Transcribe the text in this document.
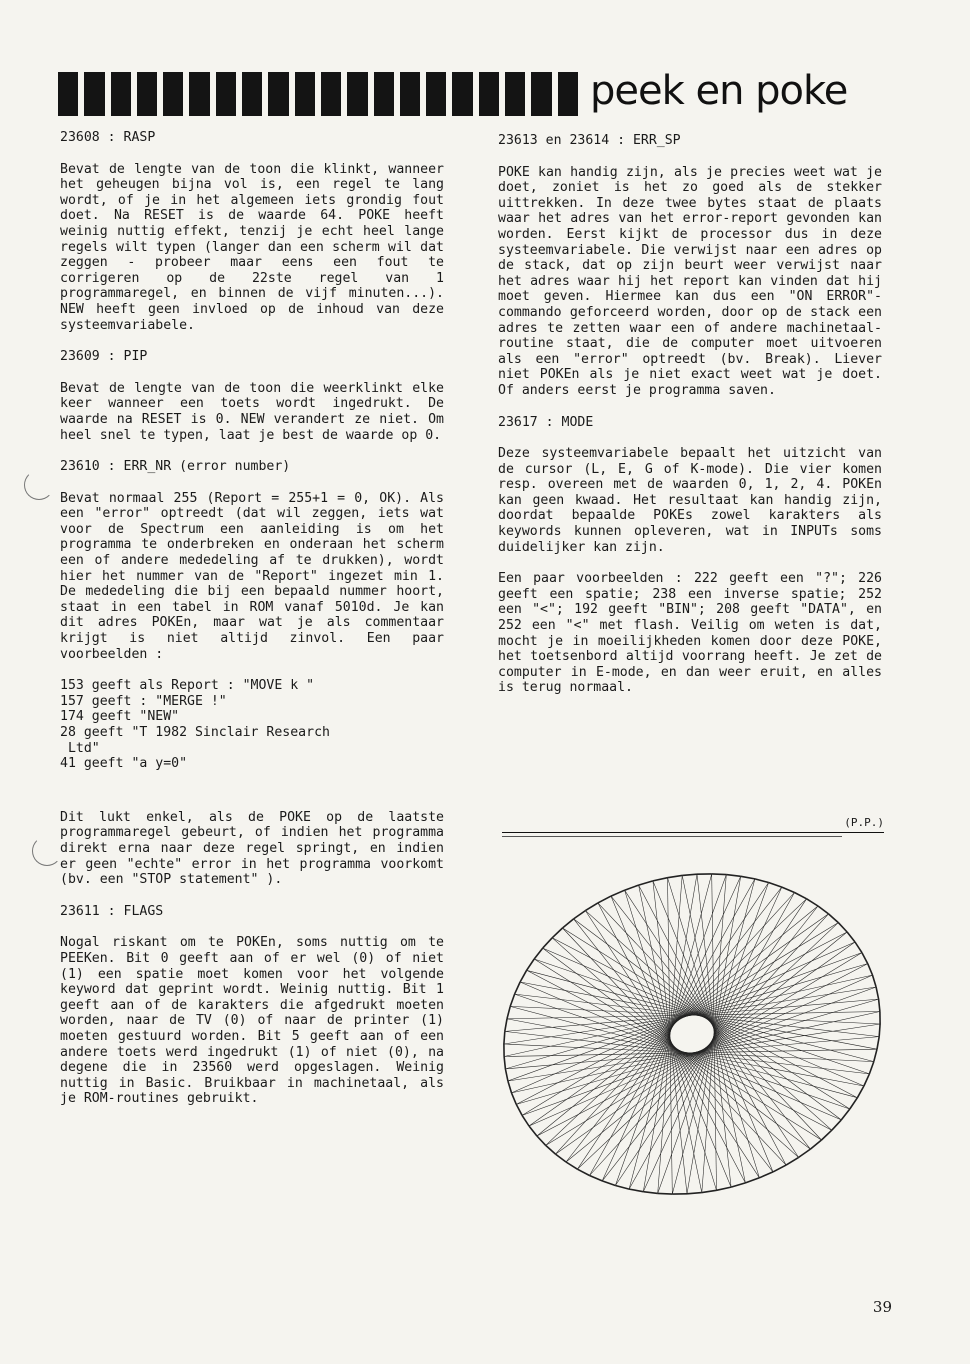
peek en poke
23608 : RASP
Bevat de lengte van de toon die klinkt, wanneer het geheugen bijna vol is, een regel te lang wordt, of je in het algemeen iets grondig fout doet. Na RESET is de waarde 64. POKE heeft weinig nuttig effekt, tenzij je echt heel lange regels wilt typen (langer dan een scherm wil dat zeggen - probeer maar eens een fout te corrigeren op de 22ste regel van 1 programmaregel, en binnen de vijf minuten...). NEW heeft geen invloed op de inhoud van deze systeemvariabele.
23609 : PIP
Bevat de lengte van de toon die weerklinkt elke keer wanneer een toets wordt ingedrukt. De waarde na RESET is 0. NEW verandert ze niet. Om heel snel te typen, laat je best de waarde op 0.
23610 : ERR_NR (error number)
Bevat normaal 255 (Report = 255+1 = 0, OK). Als een "error" optreedt (dat wil zeggen, iets wat voor de Spectrum een aanleiding is om het programma te onderbreken en onderaan het scherm een of andere mededeling af te drukken), wordt hier het nummer van de "Report" ingezet min 1. De mededeling die bij een bepaald nummer hoort, staat in een tabel in ROM vanaf 5010d. Je kan dit adres POKEn, maar wat je als commentaar krijgt is niet altijd zinvol. Een paar voorbeelden :
153 geeft als Report : "MOVE k "
157 geeft : "MERGE !"
174 geeft "NEW"
28 geeft "T 1982 Sinclair Research
Ltd"
41 geeft "a y=0"
Dit lukt enkel, als de POKE op de laatste programmaregel gebeurt, of indien het programma direkt erna naar deze regel springt, en indien er geen "echte" error in het programma voorkomt (bv. een "STOP statement" ).
23611 : FLAGS
Nogal riskant om te POKEn, soms nuttig om te PEEKen. Bit 0 geeft aan of er wel (0) of niet (1) een spatie moet komen voor het volgende keyword dat geprint wordt. Weinig nuttig. Bit 1 geeft aan of de karakters die afgedrukt moeten worden, naar de TV (0) of naar de printer (1) moeten gestuurd worden. Bit 5 geeft aan of een andere toets werd ingedrukt (1) of niet (0), na degene die in 23560 werd opgeslagen. Weinig nuttig in Basic. Bruikbaar in machinetaal, als je ROM-routines gebruikt.
23613 en 23614 : ERR_SP
POKE kan handig zijn, als je precies weet wat je doet, zoniet is het zo goed als de stekker uittrekken. In deze twee bytes staat de plaats waar het adres van het error-report gevonden kan worden. Eerst kijkt de processor dus in deze systeemvariabele. Die verwijst naar een adres op de stack, dat op zijn beurt weer verwijst naar het adres waar hij het report kan vinden dat hij moet geven. Hiermee kan dus een "ON ERROR"-commando geforceerd worden, door op de stack een adres te zetten waar een of andere machinetaal-routine staat, die de computer moet uitvoeren als een "error" optreedt (bv. Break). Liever niet POKEn als je niet exact weet wat je doet. Of anders eerst je programma saven.
23617 : MODE
Deze systeemvariabele bepaalt het uitzicht van de cursor (L, E, G of K-mode). Die vier komen resp. overeen met de waarden 0, 1, 2, 4. POKEn kan geen kwaad. Het resultaat kan handig zijn, doordat bepaalde POKEs zowel karakters als keywords kunnen opleveren, wat in INPUTs soms duidelijker kan zijn.
Een paar voorbeelden : 222 geeft een "?"; 226 geeft een spatie; 238 een inverse spatie; 252 een "<"; 192 geeft "BIN"; 208 geeft "DATA", en 252 een "<" met flash. Veilig om weten is dat, mocht je in moeilijkheden komen door deze POKE, het toetsenbord altijd voorrang heeft. Je zet de computer in E-mode, en dan weer eruit, en alles is terug normaal.
(P.P.)
39
